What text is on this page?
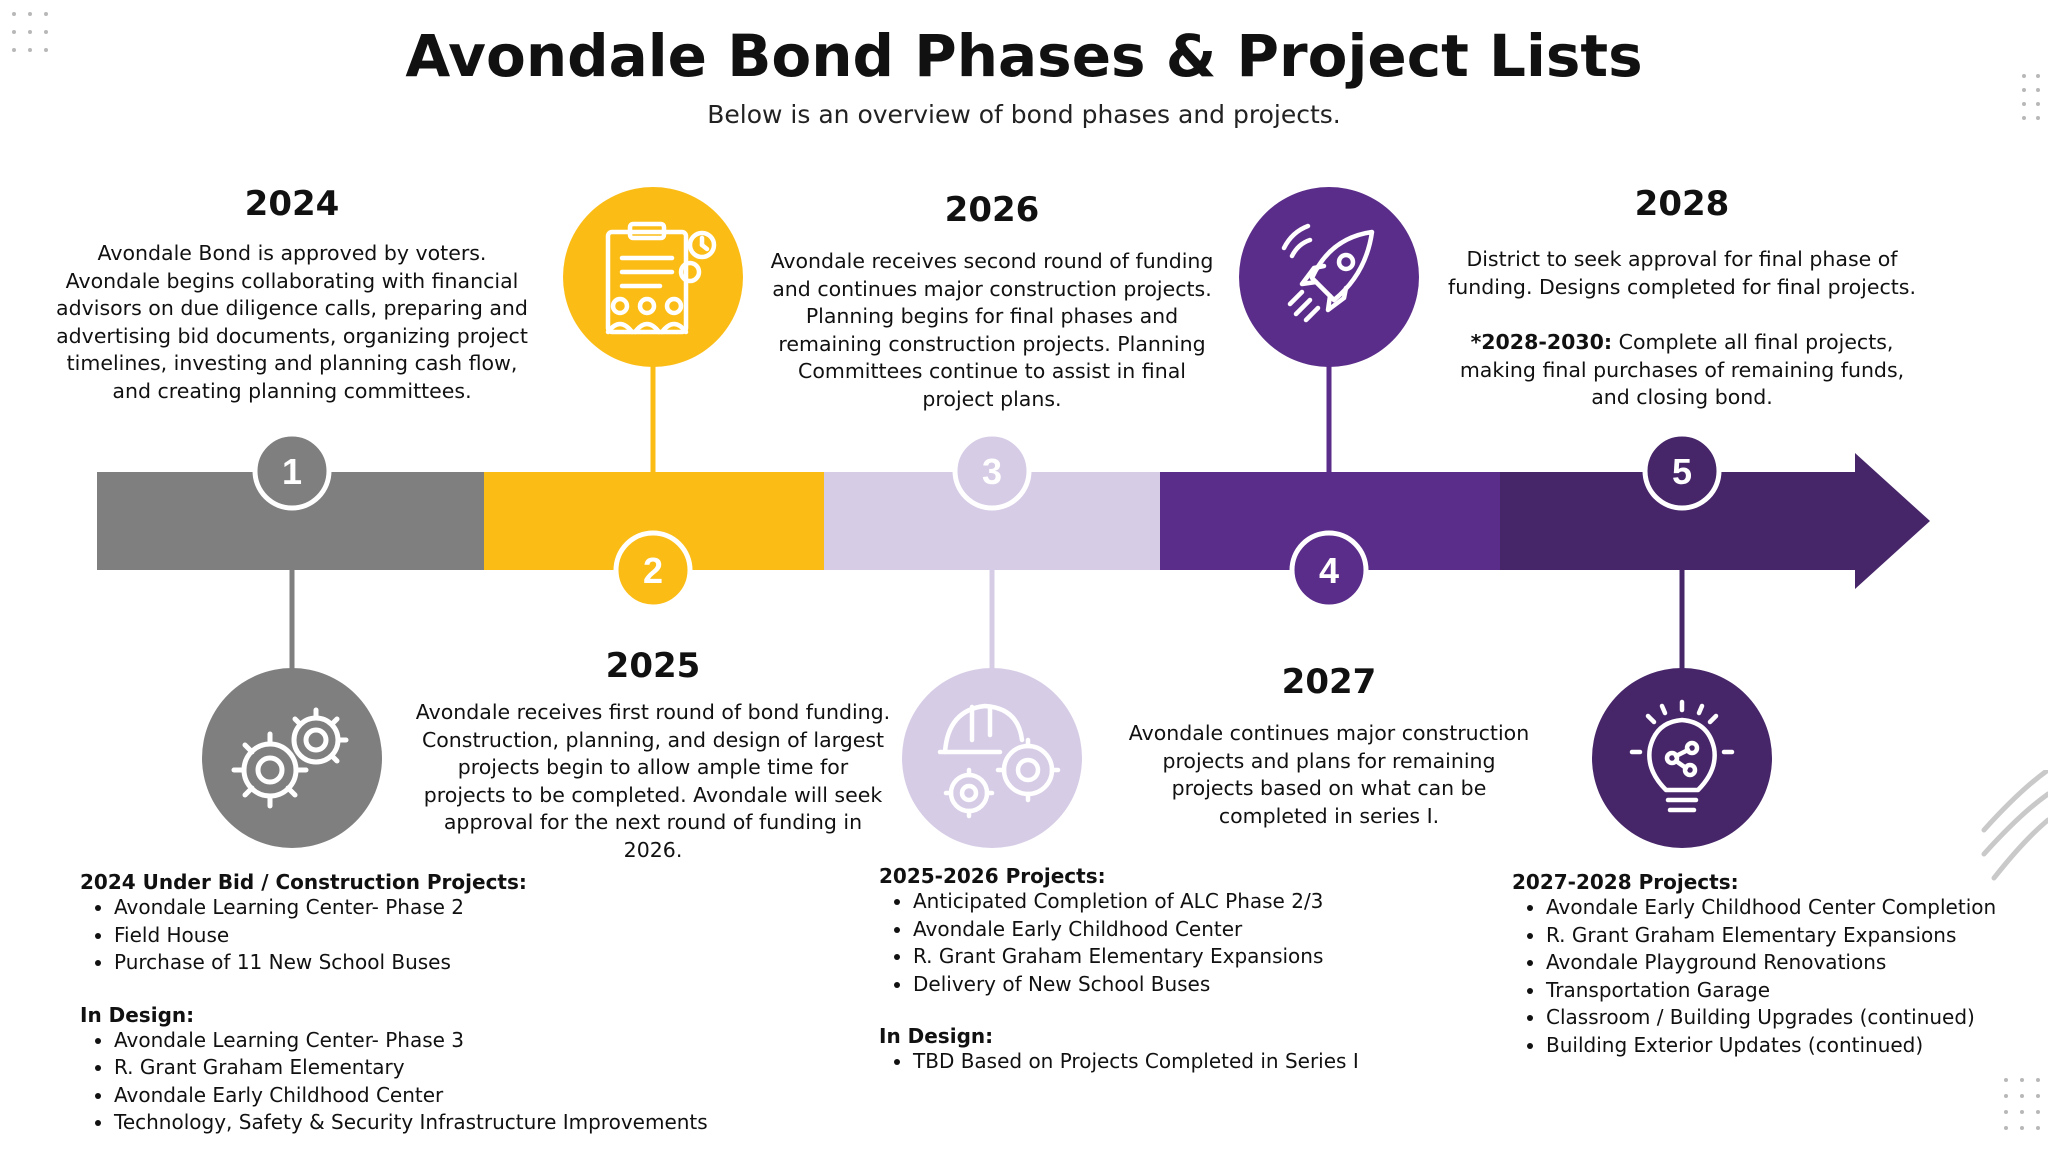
Avondale Bond Phases & Project Lists
Below is an overview of bond phases and projects.
1
2
3
4
5
2024
2025
2026
2027
2028

Avondale Bond is approved by voters. Avondale begins collaborating with financial advisors on due diligence calls, preparing and advertising bid documents, organizing project timelines, investing and planning cash flow, and creating planning committees.

Avondale receives first round of bond funding. Construction, planning, and design of largest projects begin to allow ample time for projects to be completed. Avondale will seek approval for the next round of funding in 2026.

Avondale receives second round of funding and continues major construction projects. Planning begins for final phases and remaining construction projects. Planning Committees continue to assist in final project plans.

Avondale continues major construction projects and plans for remaining projects based on what can be completed in series I.

District to seek approval for final phase of funding. Designs completed for final projects.

*2028-2030: Complete all final projects, making final purchases of remaining funds, and closing bond.

2024 Under Bid / Construction Projects:
• Avondale Learning Center- Phase 2
• Field House
• Purchase of 11 New School Buses
In Design:
• Avondale Learning Center- Phase 3
• R. Grant Graham Elementary
• Avondale Early Childhood Center
• Technology, Safety & Security Infrastructure Improvements
2025-2026 Projects:
• Anticipated Completion of ALC Phase 2/3
• Avondale Early Childhood Center
• R. Grant Graham Elementary Expansions
• Delivery of New School Buses
In Design:
• TBD Based on Projects Completed in Series I
2027-2028 Projects:
• Avondale Early Childhood Center Completion
• R. Grant Graham Elementary Expansions
• Avondale Playground Renovations
• Transportation Garage
• Classroom / Building Upgrades (continued)
• Building Exterior Updates (continued)
